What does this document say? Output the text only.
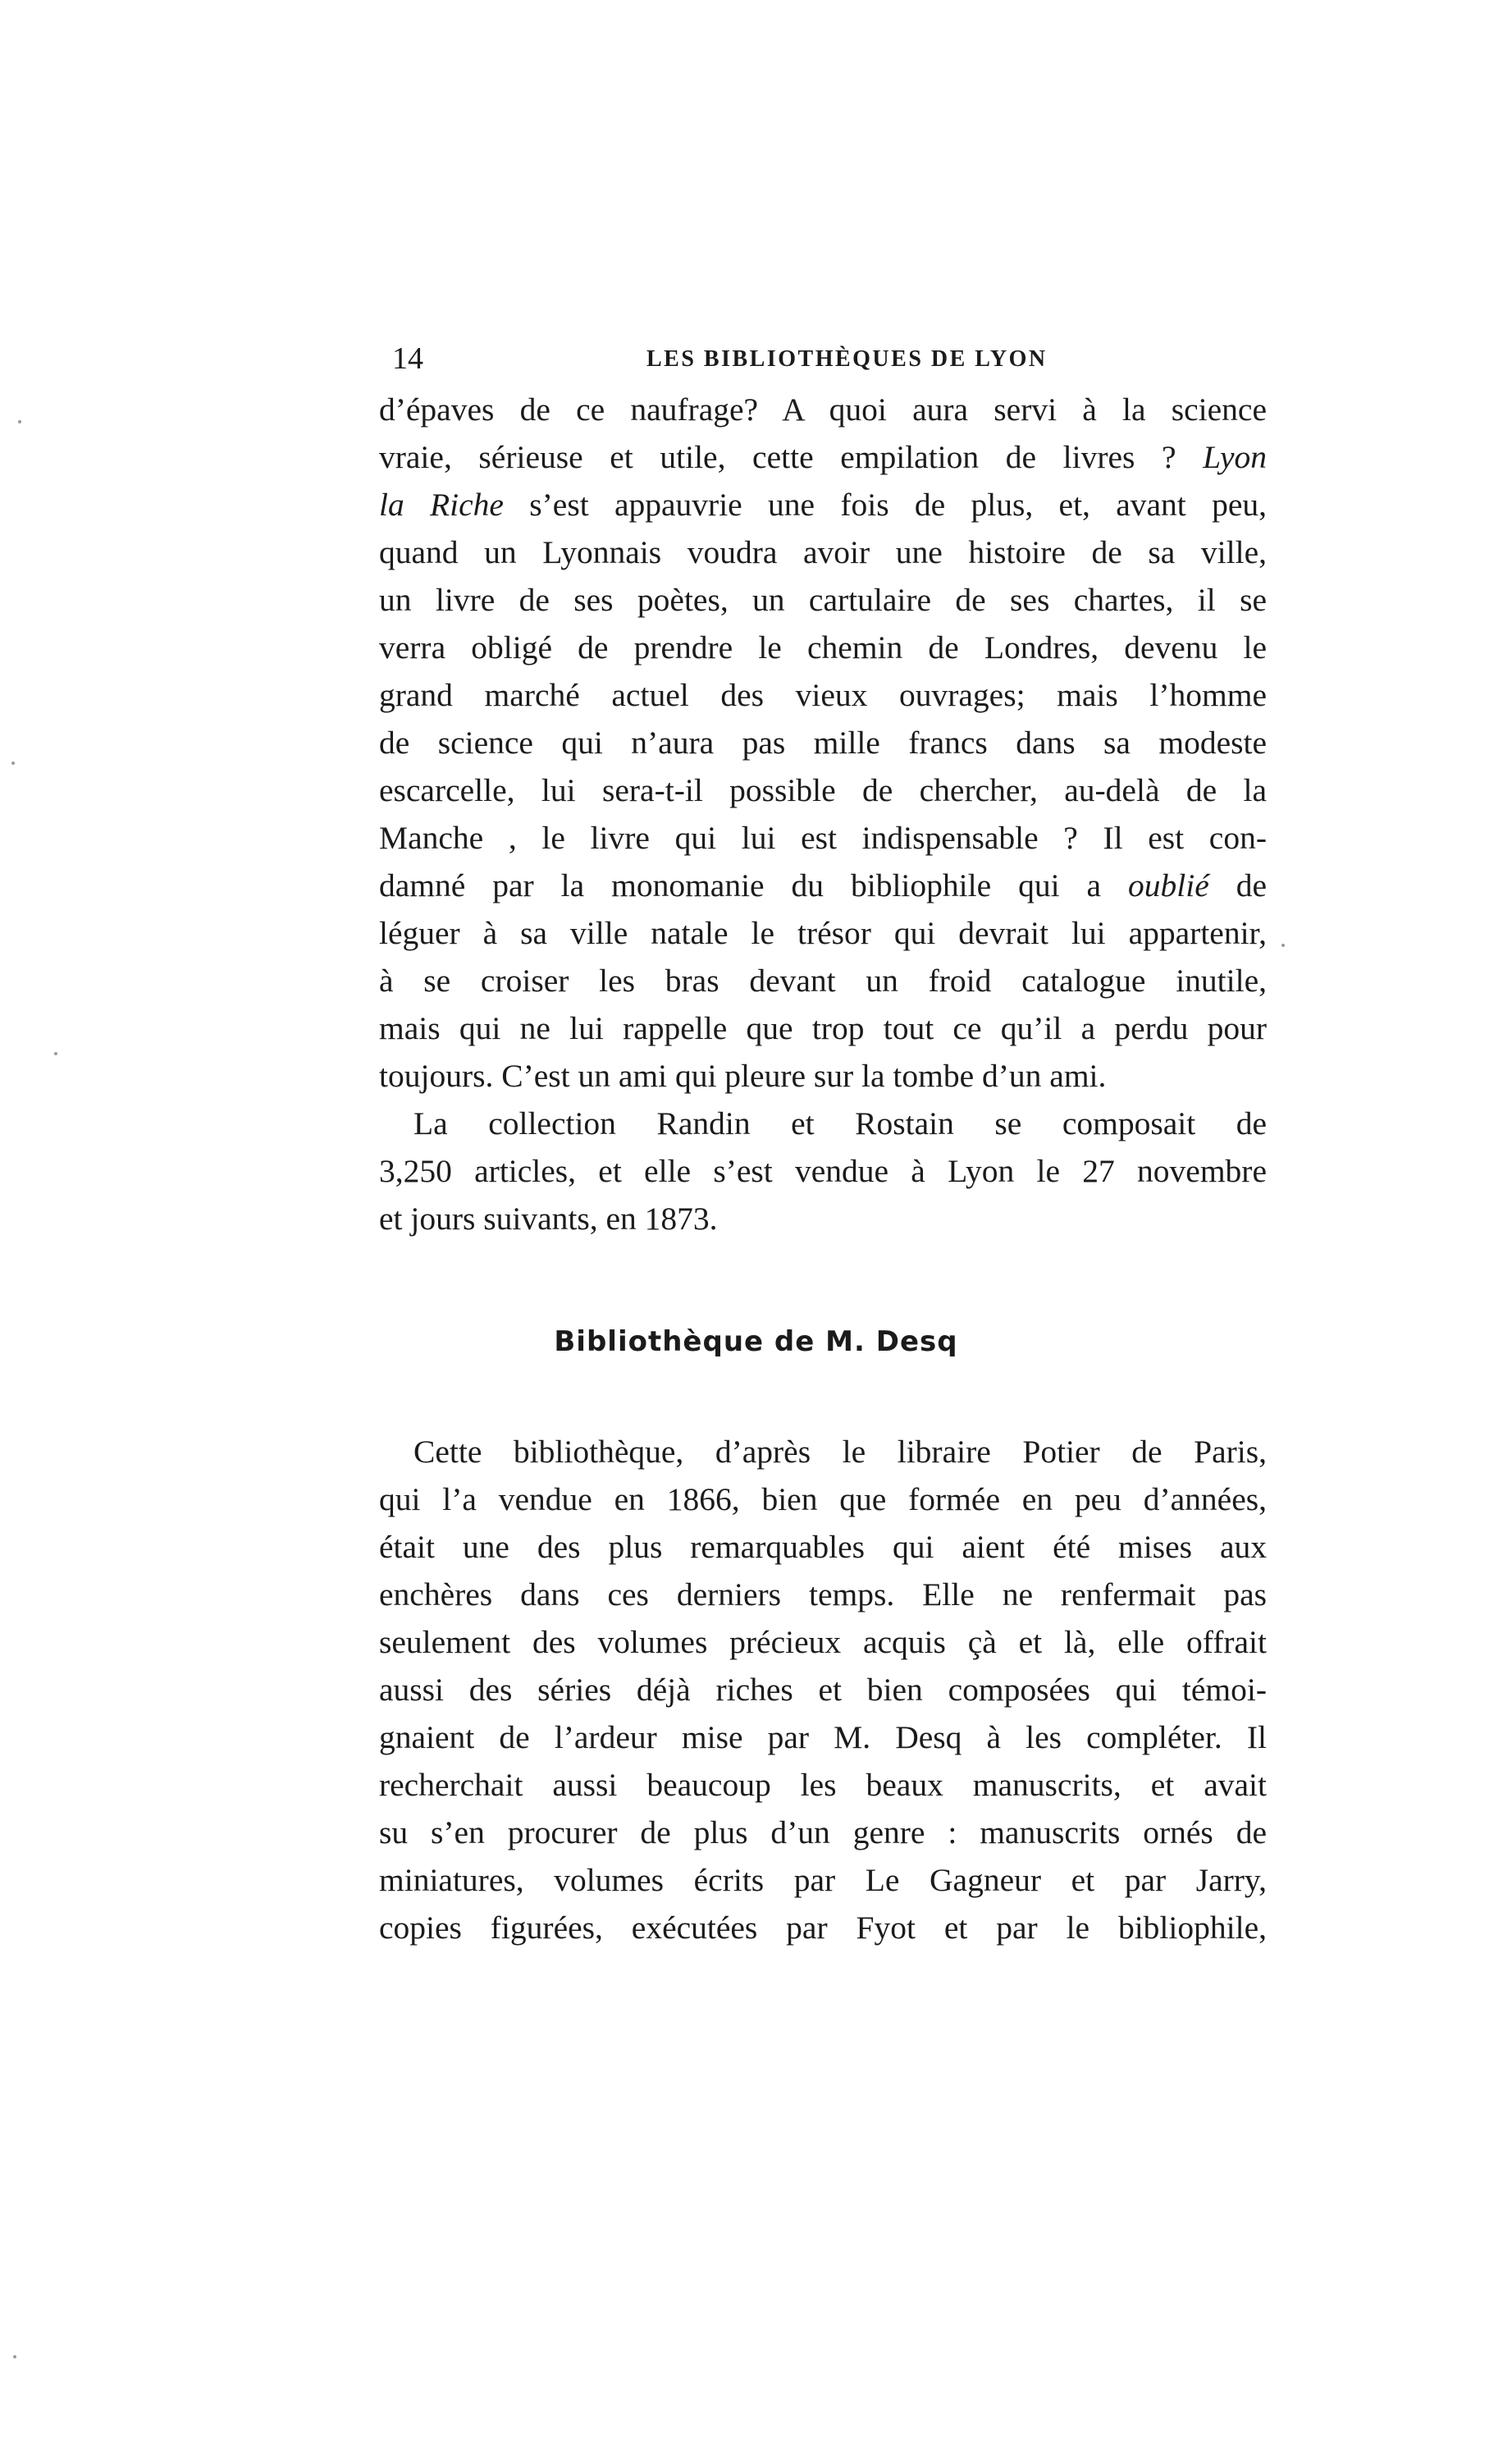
14	LES BIBLIOTHÈQUES DE LYON
d’épaves de ce naufrage? A quoi aura servi à la science
vraie, sérieuse et utile, cette empilation de livres ? Lyon
la Riche s’est appauvrie une fois de plus, et, avant peu,
quand un Lyonnais voudra avoir une histoire de sa ville,
un livre de ses poètes, un cartulaire de ses chartes, il se
verra obligé de prendre le chemin de Londres, devenu le
grand marché actuel des vieux ouvrages; mais l’homme
de science qui n’aura pas mille francs dans sa modeste
escarcelle, lui sera-t-il possible de chercher, au-delà de la
Manche , le livre qui lui est indispensable ? Il est con-
damné par la monomanie du bibliophile qui a oublié de
léguer à sa ville natale le trésor qui devrait lui appartenir,
à se croiser les bras devant un froid catalogue inutile,
mais qui ne lui rappelle que trop tout ce qu’il a perdu pour
toujours. C’est un ami qui pleure sur la tombe d’un ami.
La collection Randin et Rostain se composait de
3,250 articles, et elle s’est vendue à Lyon le 27 novembre
et jours suivants, en 1873.
Bibliothèque de M. Desq
Cette bibliothèque, d’après le libraire Potier de Paris,
qui l’a vendue en 1866, bien que formée en peu d’années,
était une des plus remarquables qui aient été mises aux
enchères dans ces derniers temps. Elle ne renfermait pas
seulement des volumes précieux acquis çà et là, elle offrait
aussi des séries déjà riches et bien composées qui témoi-
gnaient de l’ardeur mise par M. Desq à les compléter. Il
recherchait aussi beaucoup les beaux manuscrits, et avait
su s’en procurer de plus d’un genre : manuscrits ornés de
miniatures, volumes écrits par Le Gagneur et par Jarry,
copies figurées, exécutées par Fyot et par le bibliophile,
